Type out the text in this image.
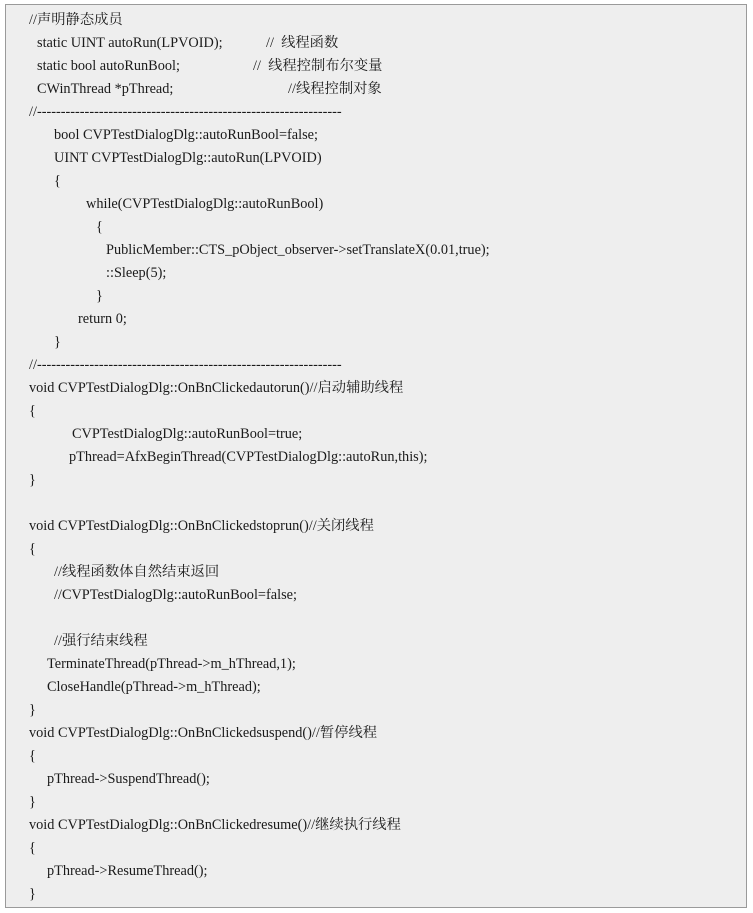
//声明静态成员
static UINT autoRun(LPVOID);	//  线程函数
static bool autoRunBool;	//  线程控制布尔变量
CWinThread *pThread;	//线程控制对象
//----------------------------------------------------------------
bool CVPTestDialogDlg::autoRunBool=false;
UINT CVPTestDialogDlg::autoRun(LPVOID)
{
while(CVPTestDialogDlg::autoRunBool)
{
PublicMember::CTS_pObject_observer->setTranslateX(0.01,true);
::Sleep(5);
}
return 0;
}
//----------------------------------------------------------------
void CVPTestDialogDlg::OnBnClickedautorun()//启动辅助线程
{
CVPTestDialogDlg::autoRunBool=true;
pThread=AfxBeginThread(CVPTestDialogDlg::autoRun,this);
}
void CVPTestDialogDlg::OnBnClickedstoprun()//关闭线程
{
//线程函数体自然结束返回
//CVPTestDialogDlg::autoRunBool=false;
//强行结束线程
TerminateThread(pThread->m_hThread,1);
CloseHandle(pThread->m_hThread);
}
void CVPTestDialogDlg::OnBnClickedsuspend()//暂停线程
{
pThread->SuspendThread();
}
void CVPTestDialogDlg::OnBnClickedresume()//继续执行线程
{
pThread->ResumeThread();
}
